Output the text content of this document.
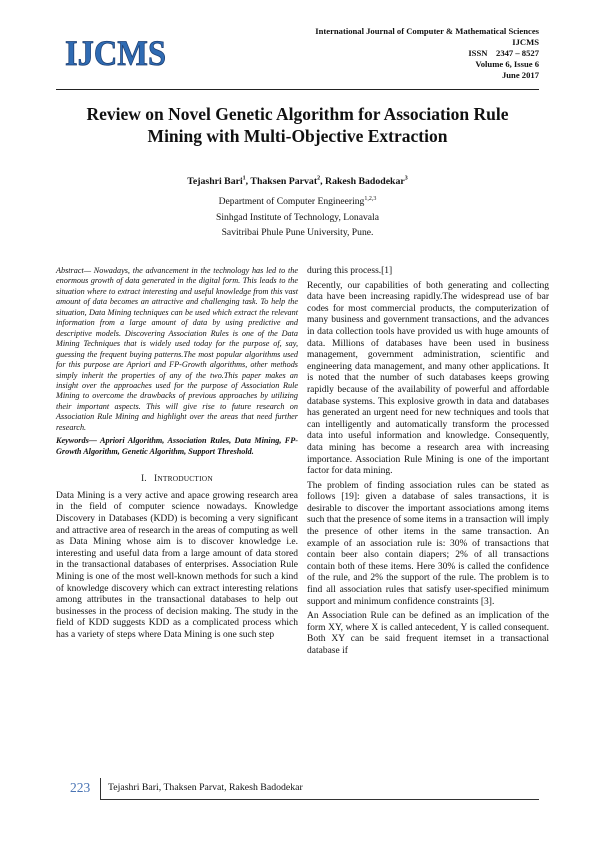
IJCMS
International Journal of Computer & Mathematical Sciences
IJCMS
ISSN    2347 – 8527
Volume 6, Issue 6
June 2017
Review on Novel Genetic Algorithm for Association Rule
Mining with Multi-Objective Extraction
Tejashri Bari$^1$, Thaksen Parvat$^2$, Rakesh Badodekar$^3$
Department of Computer Engineering$^{1,2,3}$
Sinhgad Institute of Technology, Lonavala
Savitribai Phule Pune University, Pune.

Abstract— Nowadays, the advancement in the technology has led to the enormous growth of data generated in the digital form. This leads to the situation where to extract interesting and useful knowledge from this vast amount of data becomes an attractive and challenging task. To help the situation, Data Mining techniques can be used which extract the relevant information from a large amount of data by using predictive and descriptive models. Discovering Association Rules is one of the Data Mining Techniques that is widely used today for the purpose of, say, guessing the frequent buying patterns.The most popular algorithms used for this purpose are Apriori and FP-Growth algorithms, other methods simply inherit the properties of any of the two.This paper makes an insight over the approaches used for the purpose of Association Rule Mining to overcome the drawbacks of previous approaches by utilizing their important aspects. This will give rise to future research on Association Rule Mining and highlight over the areas that need further research.

Keywords— Apriori Algorithm, Association Rules, Data Mining, FP-Growth Algorithm, Genetic Algorithm, Support Threshold.

I. INTRODUCTION

Data Mining is a very active and apace growing research area in the field of computer science nowadays. Knowledge Discovery in Databases (KDD) is becoming a very significant and attractive area of research in the areas of computing as well as Data Mining whose aim is to discover knowledge i.e. interesting and useful data from a large amount of data stored in the transactional databases of enterprises. Association Rule Mining is one of the most well-known methods for such a kind of knowledge discovery which can extract interesting relations among attributes in the transactional databases to help out businesses in the process of decision making. The study in the field of KDD suggests KDD as a complicated process which has a variety of steps where Data Mining is one such step

during this process.[1]

Recently, our capabilities of both generating and collecting data have been increasing rapidly.The widespread use of bar codes for most commercial products, the computerization of many business and government transactions, and the advances in data collection tools have provided us with huge amounts of data. Millions of databases have been used in business management, government administration, scientific and engineering data management, and many other applications. It is noted that the number of such databases keeps growing rapidly because of the availability of powerful and affordable database systems. This explosive growth in data and databases has generated an urgent need for new techniques and tools that can intelligently and automatically transform the processed data into useful information and knowledge. Consequently, data mining has become a research area with increasing importance. Association Rule Mining is one of the important factor for data mining.

The problem of finding association rules can be stated as follows [19]: given a database of sales transactions, it is desirable to discover the important associations among items such that the presence of some items in a transaction will imply the presence of other items in the same transaction. An example of an association rule is: 30% of transactions that contain beer also contain diapers; 2% of all transactions contain both of these items. Here 30% is called the confidence of the rule, and 2% the support of the rule. The problem is to find all association rules that satisfy user-specified minimum support and minimum confidence constraints [3].

An Association Rule can be defined as an implication of the form XY, where X is called antecedent, Y is called consequent. Both XY can be said frequent itemset in a transactional database if

223 Tejashri Bari, Thaksen Parvat, Rakesh Badodekar
